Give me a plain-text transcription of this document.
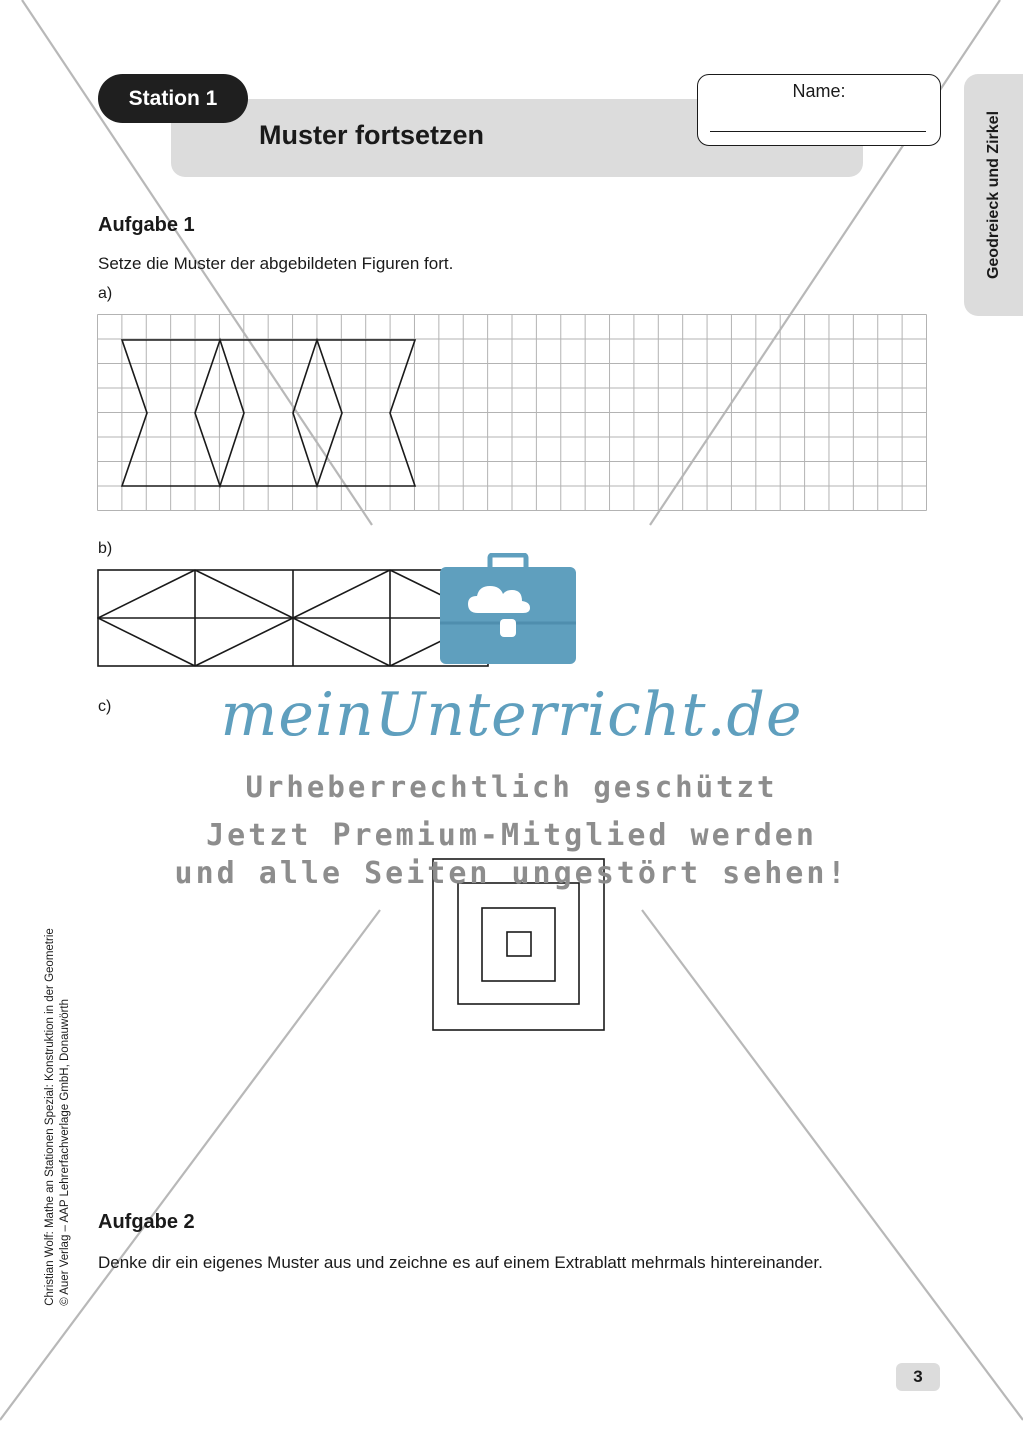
Station 1
Muster fortsetzen
Name:
Geodreieck und Zirkel
Aufgabe 1
Setze die Muster der abgebildeten Figuren fort.
a)
b)
c)	meinUnterricht.de
Urheberrechtlich geschützt
Jetzt Premium-Mitglied werden
und alle Seiten ungestört sehen!
Aufgabe 2
Denke dir ein eigenes Muster aus und zeichne es auf einem Extrablatt mehrmals hintereinander.
Christian Wolf: Mathe an Stationen Spezial: Konstruktion in der Geometrie © Auer Verlag – AAP Lehrerfachverlage GmbH, Donauwörth
3
